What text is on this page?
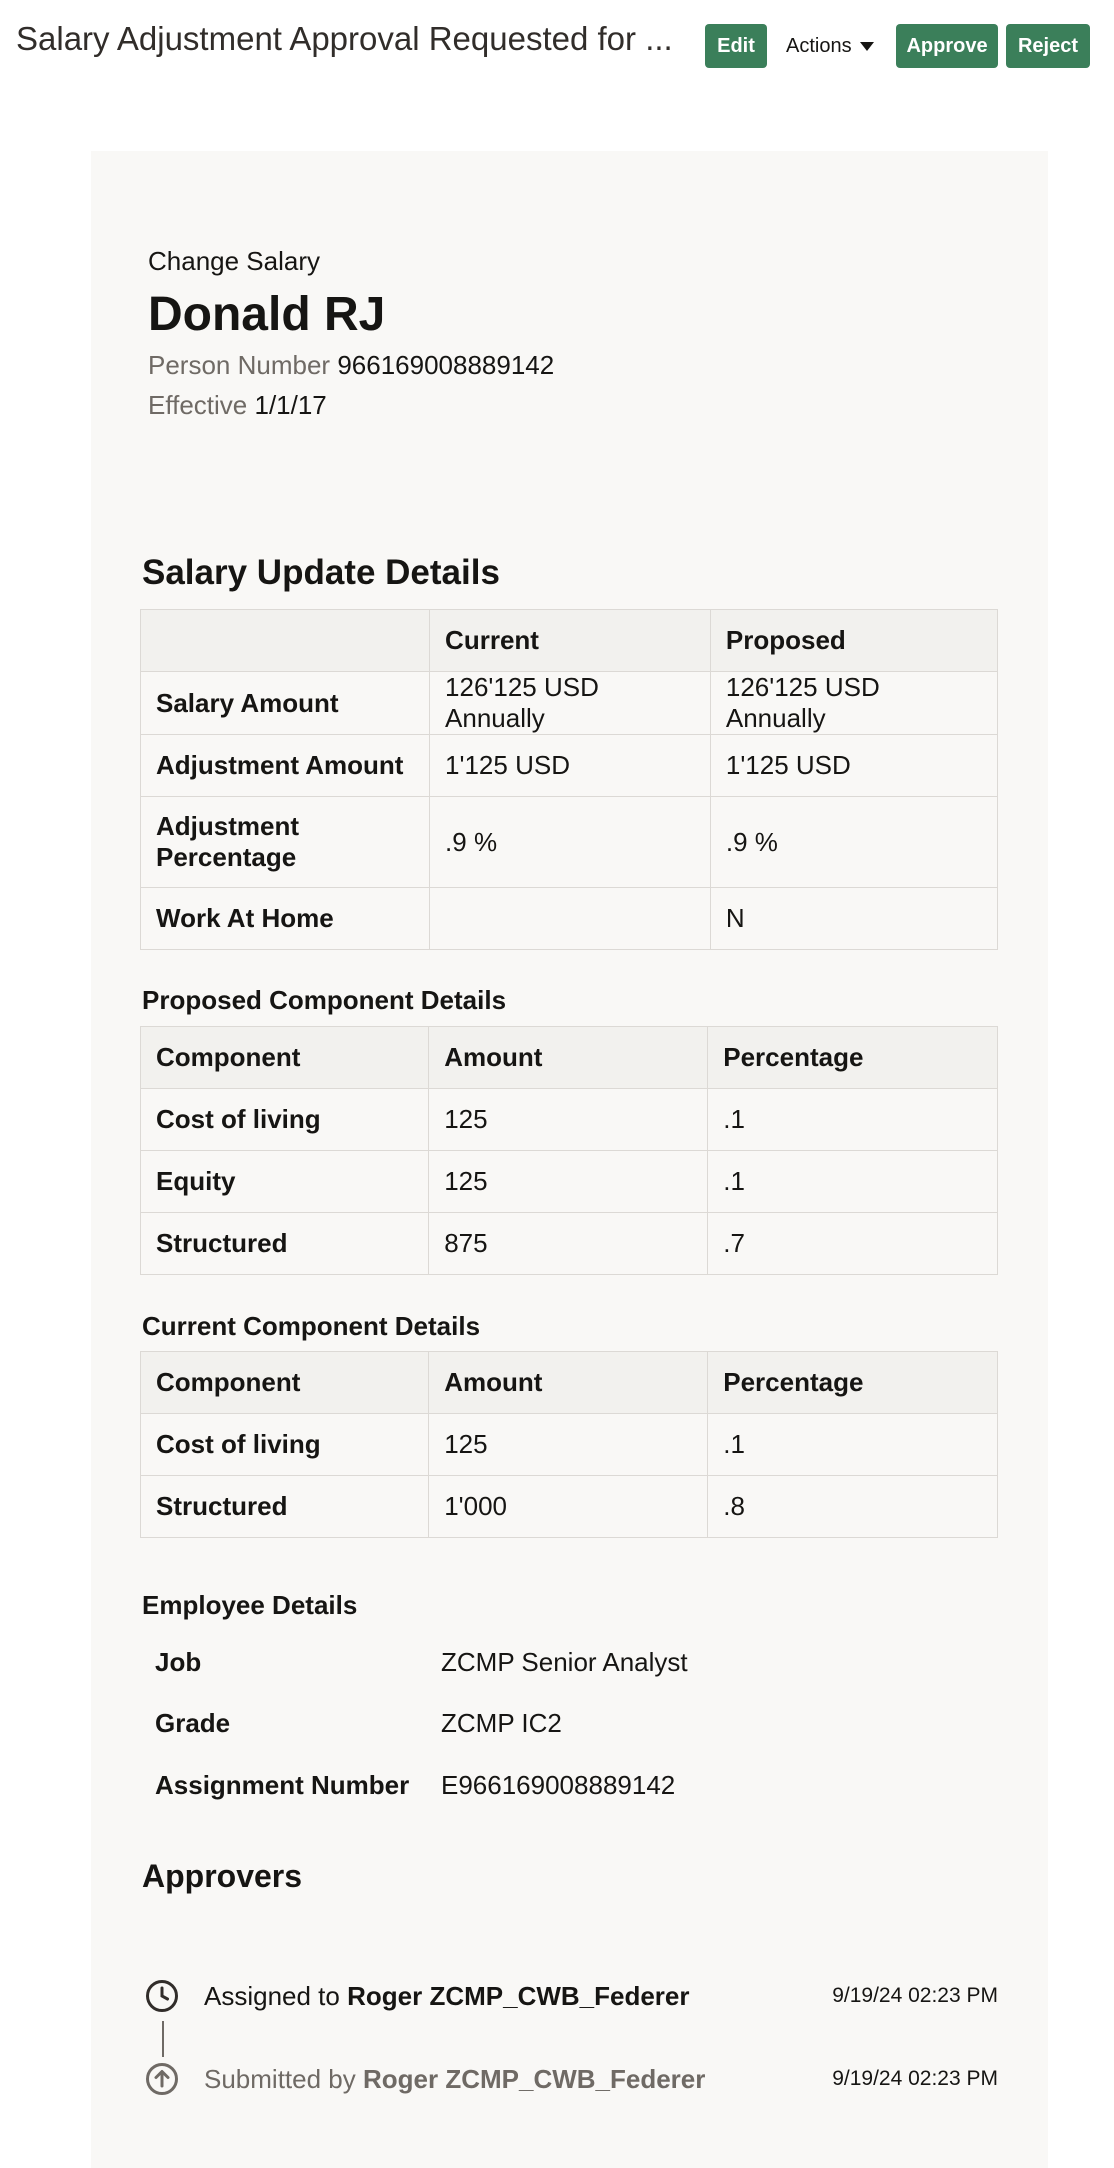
Salary Adjustment Approval Requested for ...	Edit	Actions	Approve	Reject
Change Salary
Donald RJ
Person Number 966169008889142
Effective 1/1/17
Salary Update Details
	Current	Proposed
Salary Amount	126'125 USD Annually	126'125 USD Annually
Adjustment Amount	1'125 USD	1'125 USD
Adjustment Percentage	.9 %	.9 %
Work At Home		N
Proposed Component Details
Component	Amount	Percentage
Cost of living	125	.1
Equity	125	.1
Structured	875	.7
Current Component Details
Component	Amount	Percentage
Cost of living	125	.1
Structured	1'000	.8
Employee Details
Job	ZCMP Senior Analyst
Grade	ZCMP IC2
Assignment Number E966169008889142
Approvers
Assigned to Roger ZCMP_CWB_Federer	9/19/24 02:23 PM
Submitted by Roger ZCMP_CWB_Federer	9/19/24 02:23 PM
